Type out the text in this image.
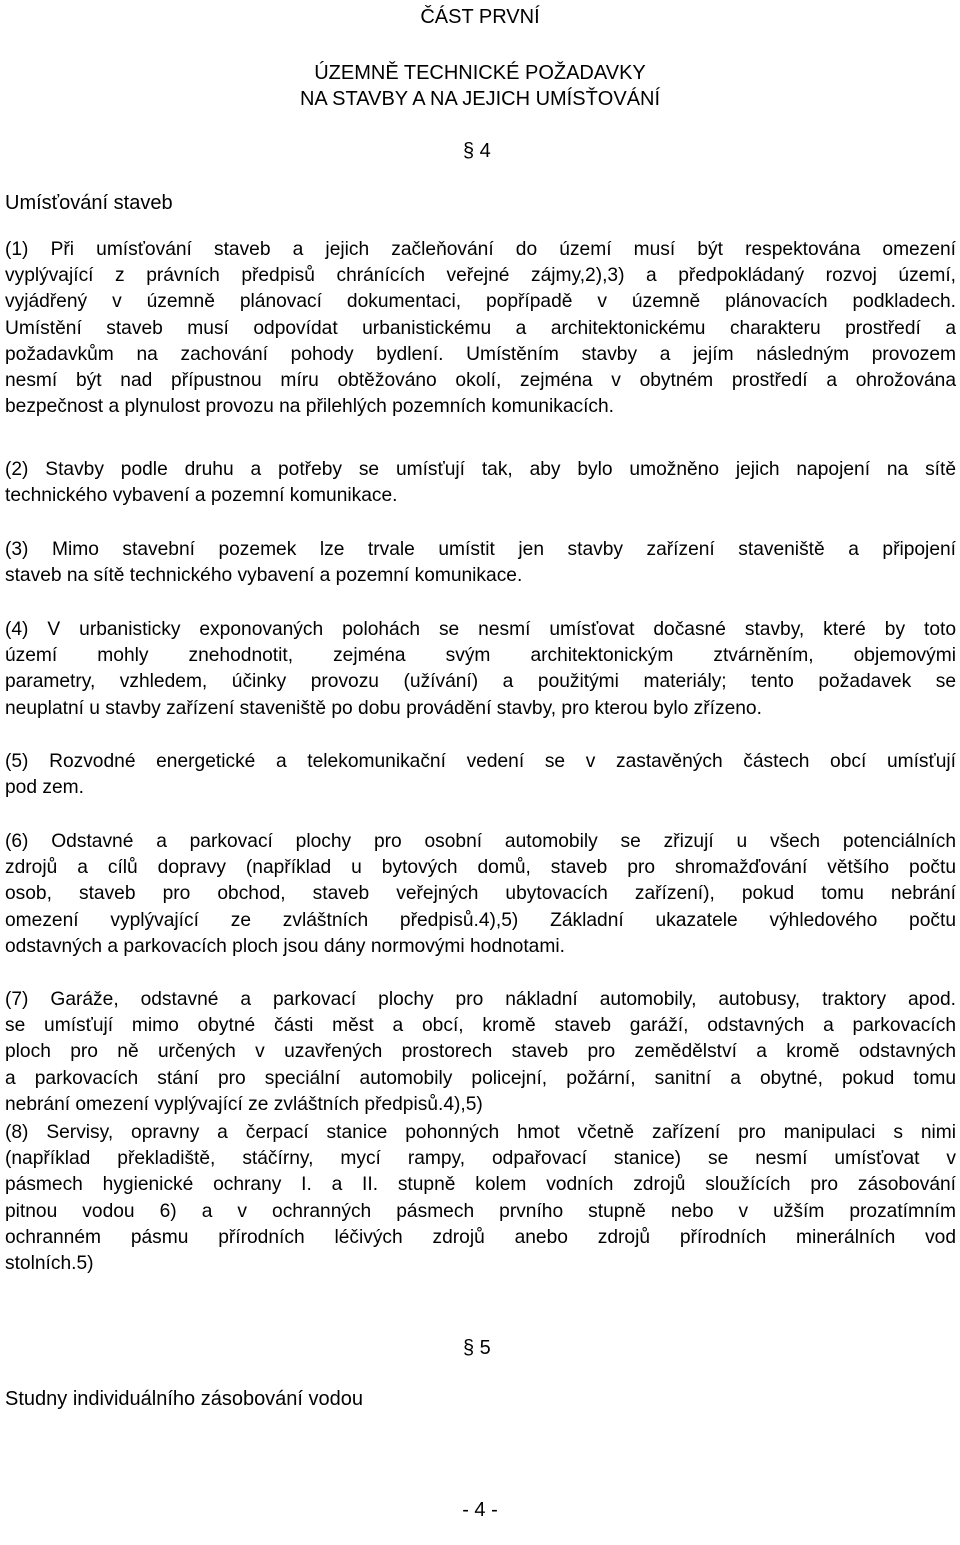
ČÁST PRVNÍ
ÚZEMNĚ TECHNICKÉ POŽADAVKY
NA STAVBY A NA JEJICH UMÍSŤOVÁNÍ
§ 4
Umísťování staveb

(1) Při umísťování staveb a jejich začleňování do území musí být respektována omezení
vyplývající z právních předpisů chránících veřejné zájmy,2),3) a předpokládaný rozvoj území,
vyjádřený v územně plánovací dokumentaci, popřípadě v územně plánovacích podkladech.
Umístění staveb musí odpovídat urbanistickému a architektonickému charakteru prostředí a
požadavkům na zachování pohody bydlení. Umístěním stavby a jejím následným provozem
nesmí být nad přípustnou míru obtěžováno okolí, zejména v obytném prostředí a ohrožována
bezpečnost a plynulost provozu na přilehlých pozemních komunikacích.

(2) Stavby podle druhu a potřeby se umísťují tak, aby bylo umožněno jejich napojení na sítě
technického vybavení a pozemní komunikace.

(3) Mimo stavební pozemek lze trvale umístit jen stavby zařízení staveniště a připojení
staveb na sítě technického vybavení a pozemní komunikace.

(4) V urbanisticky exponovaných polohách se nesmí umísťovat dočasné stavby, které by toto
území mohly znehodnotit, zejména svým architektonickým ztvárněním, objemovými
parametry, vzhledem, účinky provozu (užívání) a použitými materiály; tento požadavek se
neuplatní u stavby zařízení staveniště po dobu provádění stavby, pro kterou bylo zřízeno.

(5) Rozvodné energetické a telekomunikační vedení se v zastavěných částech obcí umísťují
pod zem.

(6) Odstavné a parkovací plochy pro osobní automobily se zřizují u všech potenciálních
zdrojů a cílů dopravy (například u bytových domů, staveb pro shromažďování většího počtu
osob, staveb pro obchod, staveb veřejných ubytovacích zařízení), pokud tomu nebrání
omezení vyplývající ze zvláštních předpisů.4),5) Základní ukazatele výhledového počtu
odstavných a parkovacích ploch jsou dány normovými hodnotami.

(7) Garáže, odstavné a parkovací plochy pro nákladní automobily, autobusy, traktory apod.
se umísťují mimo obytné části měst a obcí, kromě staveb garáží, odstavných a parkovacích
ploch pro ně určených v uzavřených prostorech staveb pro zemědělství a kromě odstavných
a parkovacích stání pro speciální automobily policejní, požární, sanitní a obytné, pokud tomu
nebrání omezení vyplývající ze zvláštních předpisů.4),5)

(8) Servisy, opravny a čerpací stanice pohonných hmot včetně zařízení pro manipulaci s nimi
(například překladiště, stáčírny, mycí rampy, odpařovací stanice) se nesmí umísťovat v
pásmech hygienické ochrany I. a II. stupně kolem vodních zdrojů sloužících pro zásobování
pitnou vodou 6) a v ochranných pásmech prvního stupně nebo v užším prozatímním
ochranném pásmu přírodních léčivých zdrojů anebo zdrojů přírodních minerálních vod
stolních.5)

§ 5
Studny individuálního zásobování vodou
- 4 -
